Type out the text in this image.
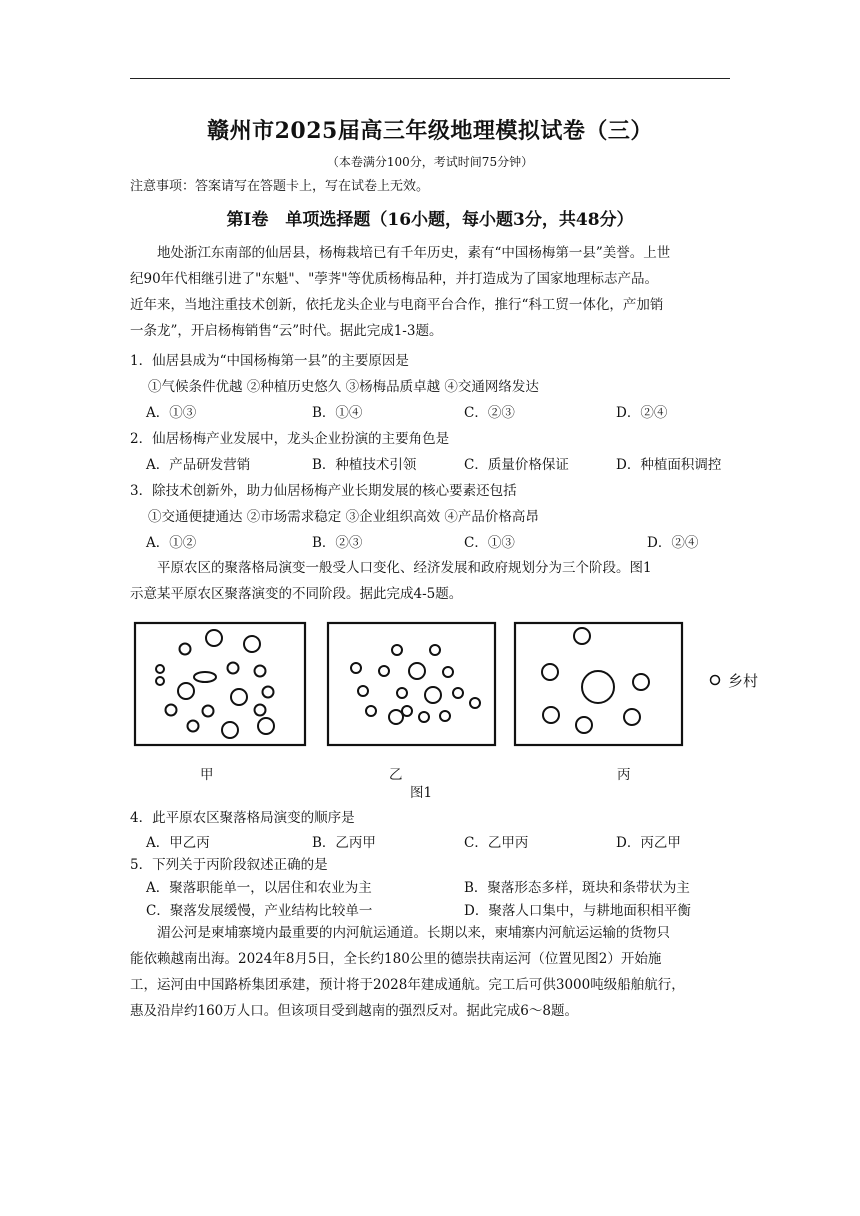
赣州市2025届高三年级地理模拟试卷（三）
（本卷满分100分，考试时间75分钟）
注意事项：答案请写在答题卡上，写在试卷上无效。
第Ⅰ卷　单项选择题（16小题，每小题3分，共48分）
地处浙江东南部的仙居县，杨梅栽培已有千年历史，素有“中国杨梅第一县”美誉。上世
纪90年代相继引进了"东魁"、"荸荠"等优质杨梅品种，并打造成为了国家地理标志产品。
近年来，当地注重技术创新，依托龙头企业与电商平台合作，推行“科工贸一体化，产加销
一条龙”，开启杨梅销售“云”时代。据此完成1-3题。
1．仙居县成为“中国杨梅第一县”的主要原因是
①气候条件优越 ②种植历史悠久 ③杨梅品质卓越 ④交通网络发达
A．①③	B．①④	C．②③	D．②④
2．仙居杨梅产业发展中，龙头企业扮演的主要角色是
A．产品研发营销	B．种植技术引领	C．质量价格保证	D．种植面积调控
3．除技术创新外，助力仙居杨梅产业长期发展的核心要素还包括
①交通便捷通达 ②市场需求稳定 ③企业组织高效 ④产品价格高昂
A．①②	B．②③	C．①③	D．②④
平原农区的聚落格局演变一般受人口变化、经济发展和政府规划分为三个阶段。图1
示意某平原农区聚落演变的不同阶段。据此完成4-5题。
乡村
甲	乙	丙
图1
4．此平原农区聚落格局演变的顺序是
A．甲乙丙	B．乙丙甲	C．乙甲丙	D．丙乙甲
5．下列关于丙阶段叙述正确的是
A．聚落职能单一，以居住和农业为主	B．聚落形态多样，斑块和条带状为主
C．聚落发展缓慢，产业结构比较单一	D．聚落人口集中，与耕地面积相平衡
湄公河是柬埔寨境内最重要的内河航运通道。长期以来，柬埔寨内河航运运输的货物只
能依赖越南出海。2024年8月5日，全长约180公里的德崇扶南运河（位置见图2）开始施
工，运河由中国路桥集团承建，预计将于2028年建成通航。完工后可供3000吨级船舶航行，
惠及沿岸约160万人口。但该项目受到越南的强烈反对。据此完成6～8题。
